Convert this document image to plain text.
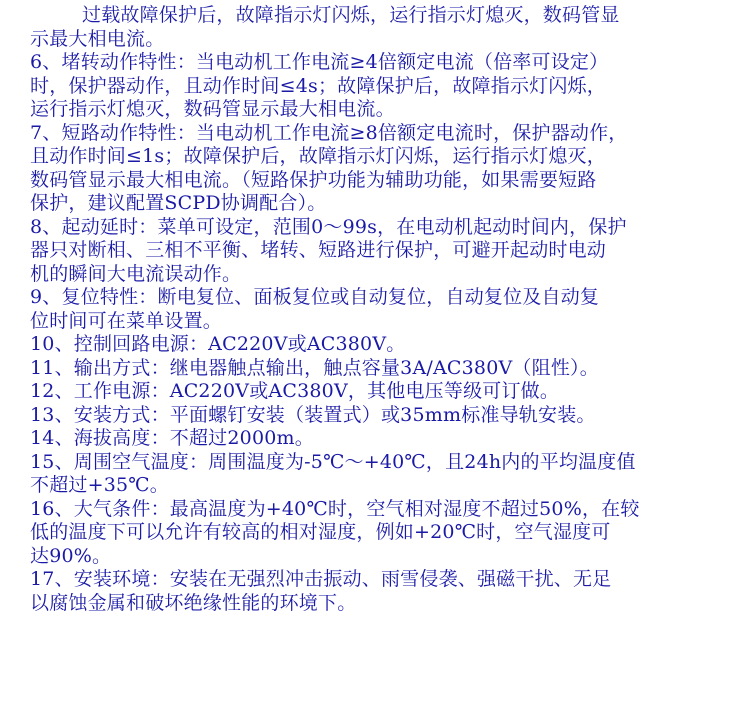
过载故障保护后，故障指示灯闪烁，运行指示灯熄灭，数码管显
示最大相电流。
6、堵转动作特性：当电动机工作电流≥4倍额定电流（倍率可设定）
时，保护器动作，且动作时间≤4s；故障保护后，故障指示灯闪烁，
运行指示灯熄灭，数码管显示最大相电流。
7、短路动作特性：当电动机工作电流≥8倍额定电流时，保护器动作，
且动作时间≤1s；故障保护后，故障指示灯闪烁，运行指示灯熄灭，
数码管显示最大相电流。（短路保护功能为辅助功能，如果需要短路
保护，建议配置SCPD协调配合）。
8、起动延时：菜单可设定，范围0～99s，在电动机起动时间内，保护
器只对断相、三相不平衡、堵转、短路进行保护，可避开起动时电动
机的瞬间大电流误动作。
9、复位特性：断电复位、面板复位或自动复位，自动复位及自动复
位时间可在菜单设置。
10、控制回路电源：AC220V或AC380V。
11、输出方式：继电器触点输出，触点容量3A/AC380V（阻性）。
12、工作电源：AC220V或AC380V，其他电压等级可订做。
13、安装方式：平面螺钉安装（装置式）或35mm标准导轨安装。
14、海拔高度：不超过2000m。
15、周围空气温度：周围温度为-5℃～+40℃，且24h内的平均温度值
不超过+35℃。
16、大气条件：最高温度为+40℃时，空气相对湿度不超过50%，在较
低的温度下可以允许有较高的相对湿度，例如+20℃时，空气湿度可
达90%。
17、安装环境：安装在无强烈冲击振动、雨雪侵袭、强磁干扰、无足
以腐蚀金属和破坏绝缘性能的环境下。
